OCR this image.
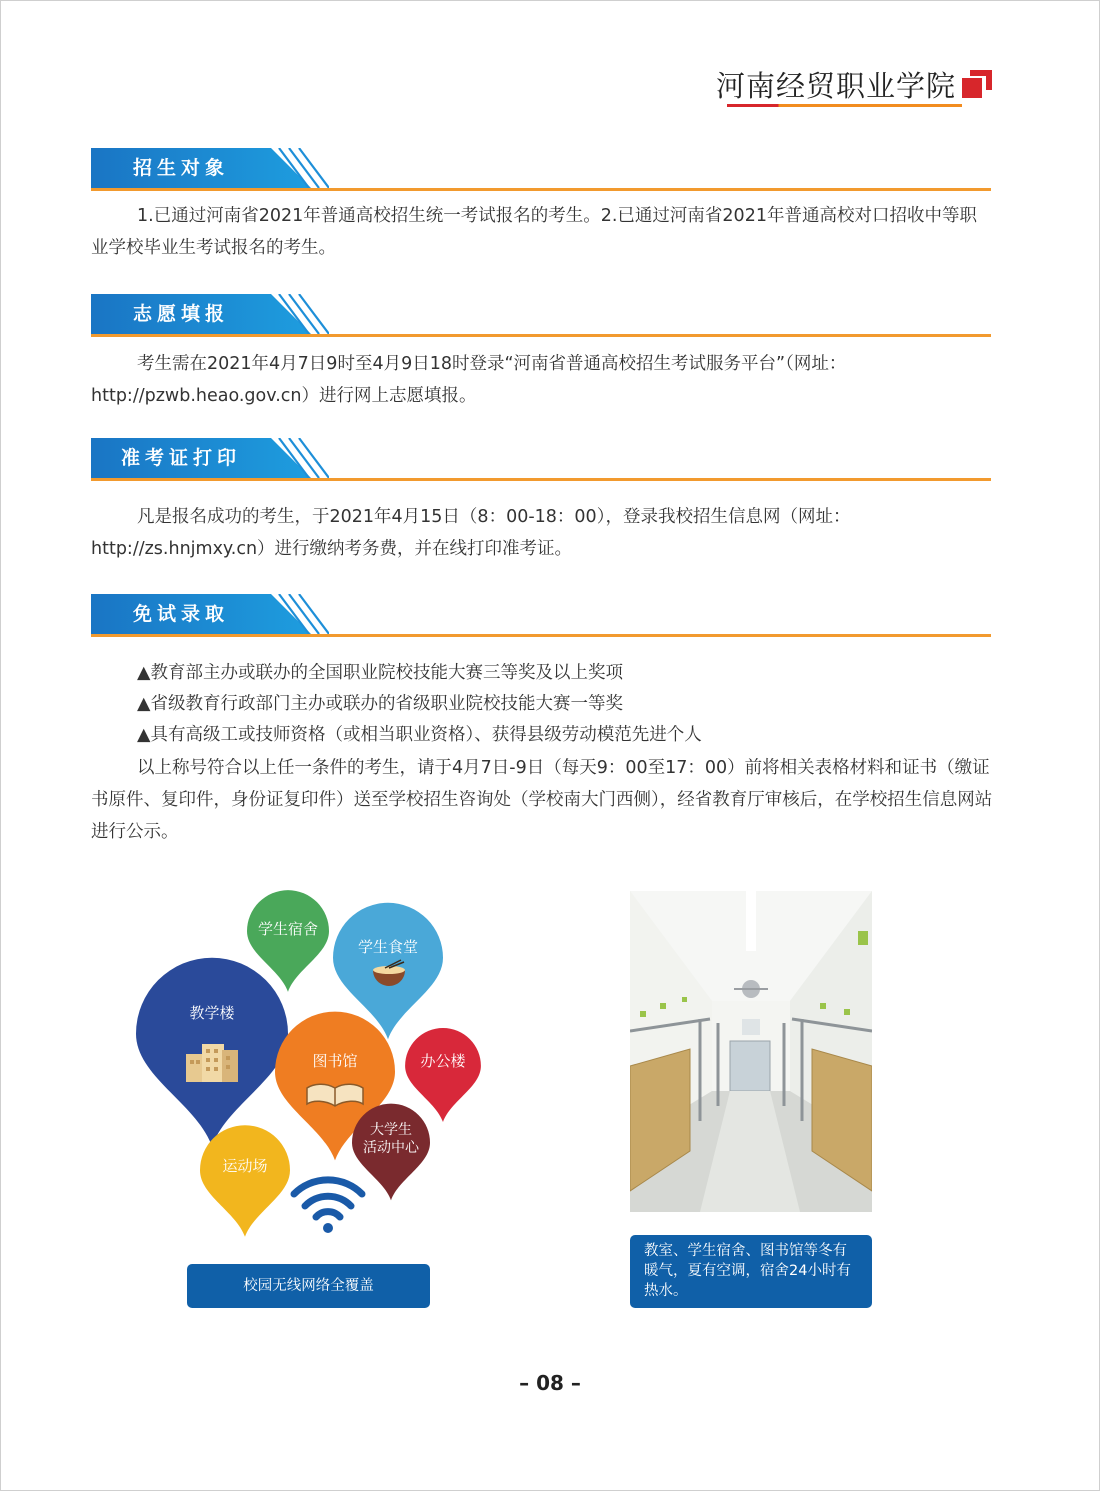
河南经贸职业学院
招生对象
1.已通过河南省2021年普通高校招生统一考试报名的考生。2.已通过河南省2021年普通高校对口招收中等职业学校毕业生考试报名的考生。
志愿填报
考生需在2021年4月7日9时至4月9日18时登录“河南省普通高校招生考试服务平台”（网址：http://pzwb.heao.gov.cn）进行网上志愿填报。
准考证打印
凡是报名成功的考生，于2021年4月15日（8：00-18：00），登录我校招生信息网（网址：http://zs.hnjmxy.cn）进行缴纳考务费，并在线打印准考证。
免试录取
▲教育部主办或联办的全国职业院校技能大赛三等奖及以上奖项
▲省级教育行政部门主办或联办的省级职业院校技能大赛一等奖
▲具有高级工或技师资格（或相当职业资格）、获得县级劳动模范先进个人
以上称号符合以上任一条件的考生，请于4月7日-9日（每天9：00至17：00）前将相关表格材料和证书（缴证书原件、复印件，身份证复印件）送至学校招生咨询处（学校南大门西侧），经省教育厅审核后，在学校招生信息网站进行公示。
学生宿舍
学生食堂
教学楼
图书馆	办公楼
大学生
活动中心
运动场
校园无线网络全覆盖
教室、学生宿舍、图书馆等冬有暖气，夏有空调，宿舍24小时有热水。
– 08 –
